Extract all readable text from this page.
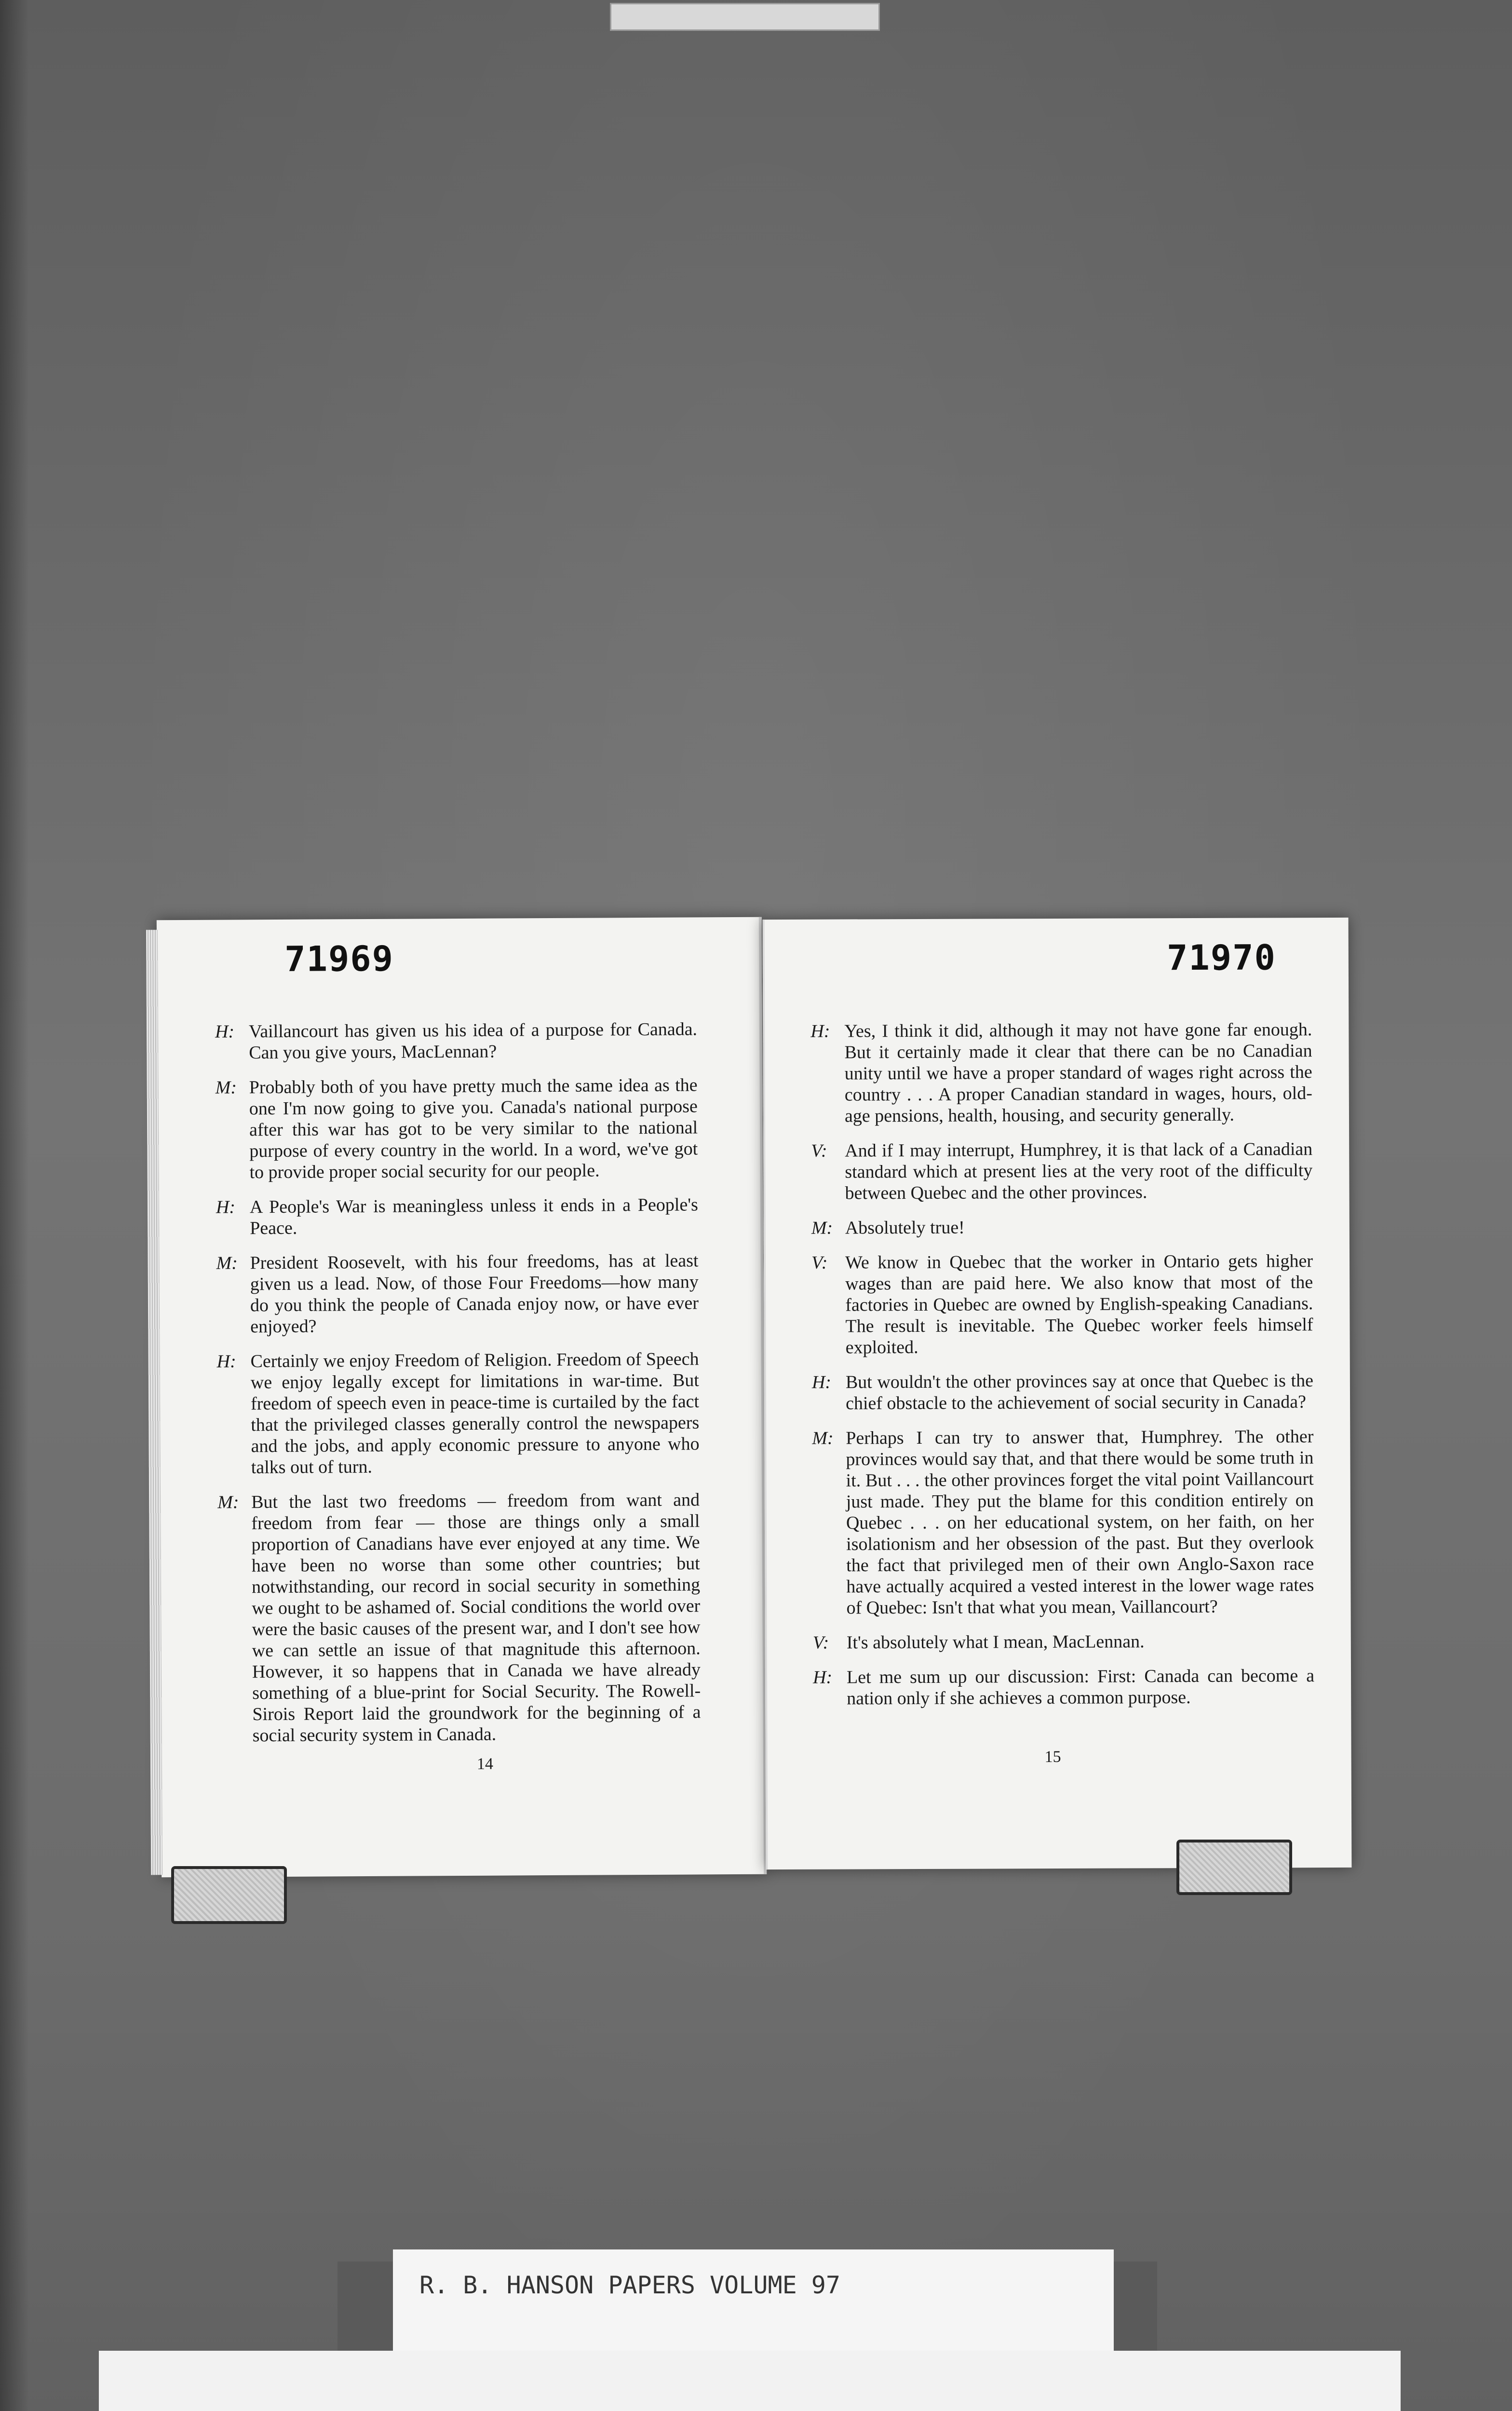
71969
H: Vaillancourt has given us his idea of a purpose for Canada. Can you give yours, MacLennan?
M: Probably both of you have pretty much the same idea as the one I'm now going to give you. Canada's national purpose after this war has got to be very similar to the national purpose of every country in the world. In a word, we've got to provide proper social security for our people.
H: A People's War is meaningless unless it ends in a People's Peace.
M: President Roosevelt, with his four freedoms, has at least given us a lead. Now, of those Four Freedoms—how many do you think the people of Canada enjoy now, or have ever enjoyed?
H: Certainly we enjoy Freedom of Religion. Freedom of Speech we enjoy legally except for limitations in war-time. But freedom of speech even in peace-time is curtailed by the fact that the privileged classes generally control the newspapers and the jobs, and apply economic pressure to anyone who talks out of turn.
M: But the last two freedoms — freedom from want and freedom from fear — those are things only a small proportion of Canadians have ever enjoyed at any time. We have been no worse than some other countries; but notwithstanding, our record in social security in something we ought to be ashamed of. Social conditions the world over were the basic causes of the present war, and I don't see how we can settle an issue of that magnitude this afternoon. However, it so happens that in Canada we have already something of a blue-print for Social Security. The Rowell-Sirois Report laid the groundwork for the beginning of a social security system in Canada.
14
71970
H: Yes, I think it did, although it may not have gone far enough. But it certainly made it clear that there can be no Canadian unity until we have a proper standard of wages right across the country . . . A proper Canadian standard in wages, hours, old-age pensions, health, housing, and security generally.
V: And if I may interrupt, Humphrey, it is that lack of a Canadian standard which at present lies at the very root of the difficulty between Quebec and the other provinces.
M: Absolutely true!
V: We know in Quebec that the worker in Ontario gets higher wages than are paid here. We also know that most of the factories in Quebec are owned by English-speaking Canadians. The result is inevitable. The Quebec worker feels himself exploited.
H: But wouldn't the other provinces say at once that Quebec is the chief obstacle to the achievement of social security in Canada?
M: Perhaps I can try to answer that, Humphrey. The other provinces would say that, and that there would be some truth in it. But . . . the other provinces forget the vital point Vaillancourt just made. They put the blame for this condition entirely on Quebec . . . on her educational system, on her faith, on her isolationism and her obsession of the past. But they overlook the fact that privileged men of their own Anglo-Saxon race have actually acquired a vested interest in the lower wage rates of Quebec: Isn't that what you mean, Vaillancourt?
V: It's absolutely what I mean, MacLennan.
H: Let me sum up our discussion: First: Canada can become a nation only if she achieves a common purpose.
15
R. B. HANSON PAPERS VOLUME 97
